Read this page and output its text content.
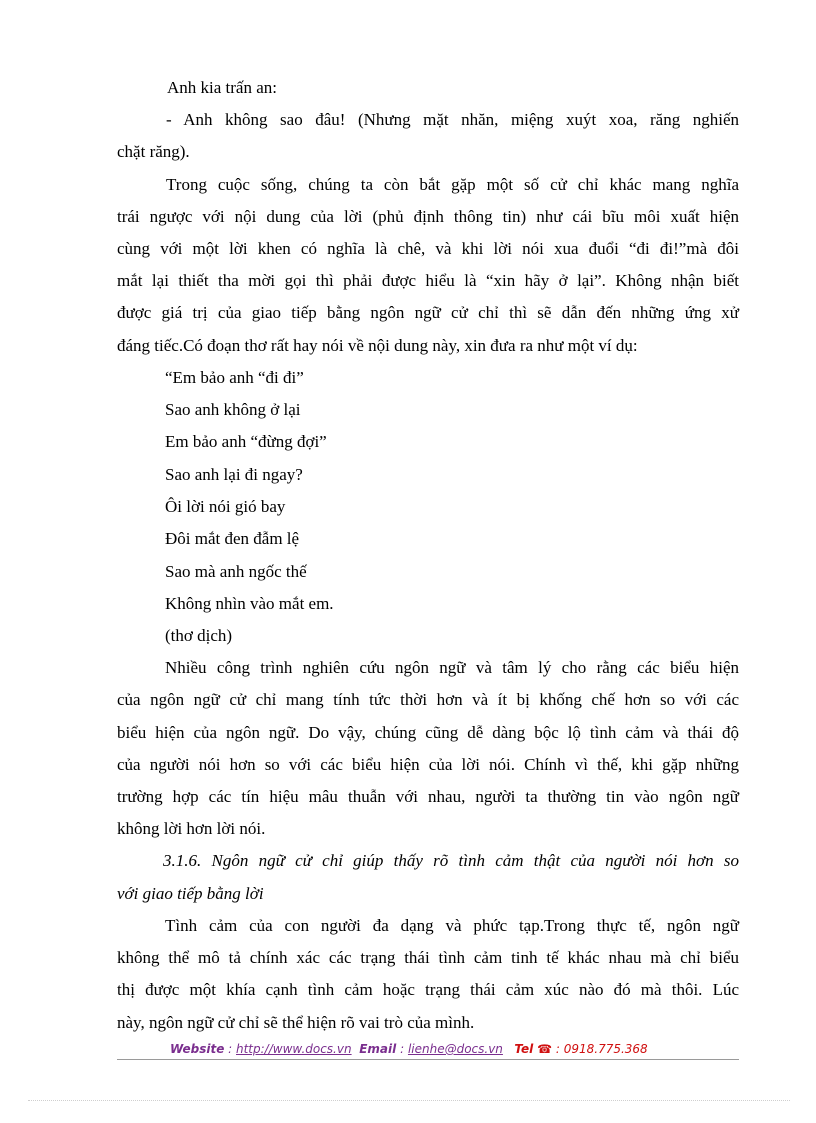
Anh kia trấn an:
- Anh không sao đâu! (Nhưng mặt nhăn, miệng xuýt xoa, răng nghiến
chặt răng).
Trong cuộc sống, chúng ta còn bắt gặp một số cử chỉ khác mang nghĩa
trái ngược với nội dung của lời (phủ định thông tin) như cái bĩu môi xuất hiện
cùng với một lời khen có nghĩa là chê, và khi lời nói xua đuổi “đi đi!”mà đôi
mắt lại thiết tha mời gọi thì phải được hiểu là “xin hãy ở lại”. Không nhận biết
được giá trị của giao tiếp bằng ngôn ngữ cử chỉ thì sẽ dẫn đến những ứng xử
đáng tiếc.Có đoạn thơ rất hay nói về nội dung này, xin đưa ra như một ví dụ:
“Em bảo anh “đi đi”
Sao anh không ở lại
Em bảo anh “đừng đợi”
Sao anh lại đi ngay?
Ôi lời nói gió bay
Đôi mắt đen đẫm lệ
Sao mà anh ngốc thế
Không nhìn vào mắt em.
(thơ dịch)
Nhiều công trình nghiên cứu ngôn ngữ và tâm lý cho rằng các biểu hiện
của ngôn ngữ cử chỉ mang tính tức thời hơn và ít bị khống chế hơn so với các
biểu hiện của ngôn ngữ. Do vậy, chúng cũng dễ dàng bộc lộ tình cảm và thái độ
của người nói hơn so với các biểu hiện của lời nói. Chính vì thế, khi gặp những
trường hợp các tín hiệu mâu thuẫn với nhau, người ta thường tin vào ngôn ngữ
không lời hơn lời nói.
3.1.6. Ngôn ngữ cử chỉ giúp thấy rõ tình cảm thật của người nói hơn so
với giao tiếp bằng lời
Tình cảm của con người đa dạng và phức tạp.Trong thực tế, ngôn ngữ
không thể mô tả chính xác các trạng thái tình cảm tinh tế khác nhau mà chỉ biểu
thị được một khía cạnh tình cảm hoặc trạng thái cảm xúc nào đó mà thôi. Lúc
này, ngôn ngữ cử chỉ sẽ thể hiện rõ vai trò của mình.
Website : http://www.docs.vn Email : lienhe@docs.vn Tel ☎ : 0918.775.368
